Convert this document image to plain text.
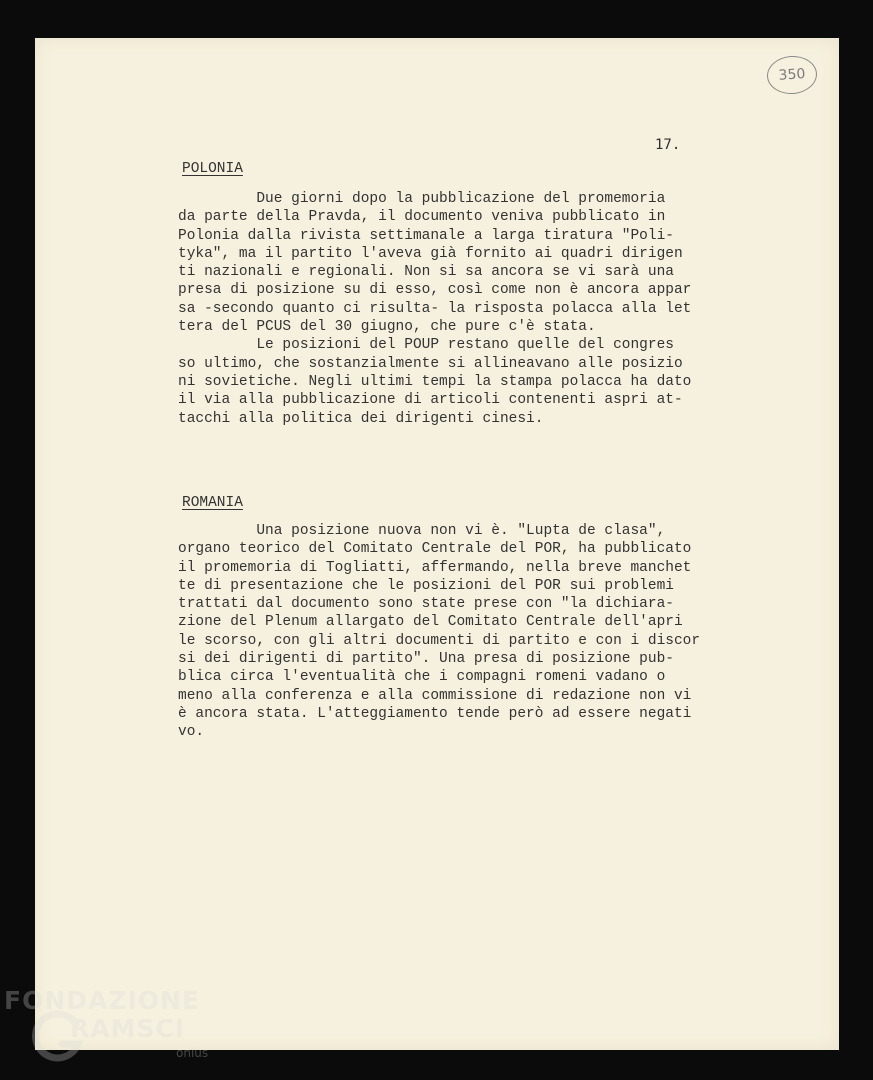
350
17.
POLONIA

Due giorni dopo la pubblicazione del promemoria

da parte della Pravda, il documento veniva pubblicato in

Polonia dalla rivista settimanale a larga tiratura "Poli-

tyka", ma il partito l'aveva già fornito ai quadri dirigen

ti nazionali e regionali. Non si sa ancora se vi sarà una

presa di posizione su di esso, così come non è ancora appar

sa -secondo quanto ci risulta- la risposta polacca alla let

tera del PCUS del 30 giugno, che pure c'è stata.

Le posizioni del POUP restano quelle del congres

so ultimo, che sostanzialmente si allineavano alle posizio

ni sovietiche. Negli ultimi tempi la stampa polacca ha dato

il via alla pubblicazione di articoli contenenti aspri at-

tacchi alla politica dei dirigenti cinesi.

ROMANIA

Una posizione nuova non vi è. "Lupta de clasa",

organo teorico del Comitato Centrale del POR, ha pubblicato

il promemoria di Togliatti, affermando, nella breve manchet

te di presentazione che le posizioni del POR sui problemi

trattati dal documento sono state prese con "la dichiara-

zione del Plenum allargato del Comitato Centrale dell'apri

le scorso, con gli altri documenti di partito e con i discor

si dei dirigenti di partito". Una presa di posizione pub-

blica circa l'eventualità che i compagni romeni vadano o

meno alla conferenza e alla commissione di redazione non vi

è ancora stata. L'atteggiamento tende però ad essere negati

vo.

FONDAZIONE
RAMSCI
onlus
